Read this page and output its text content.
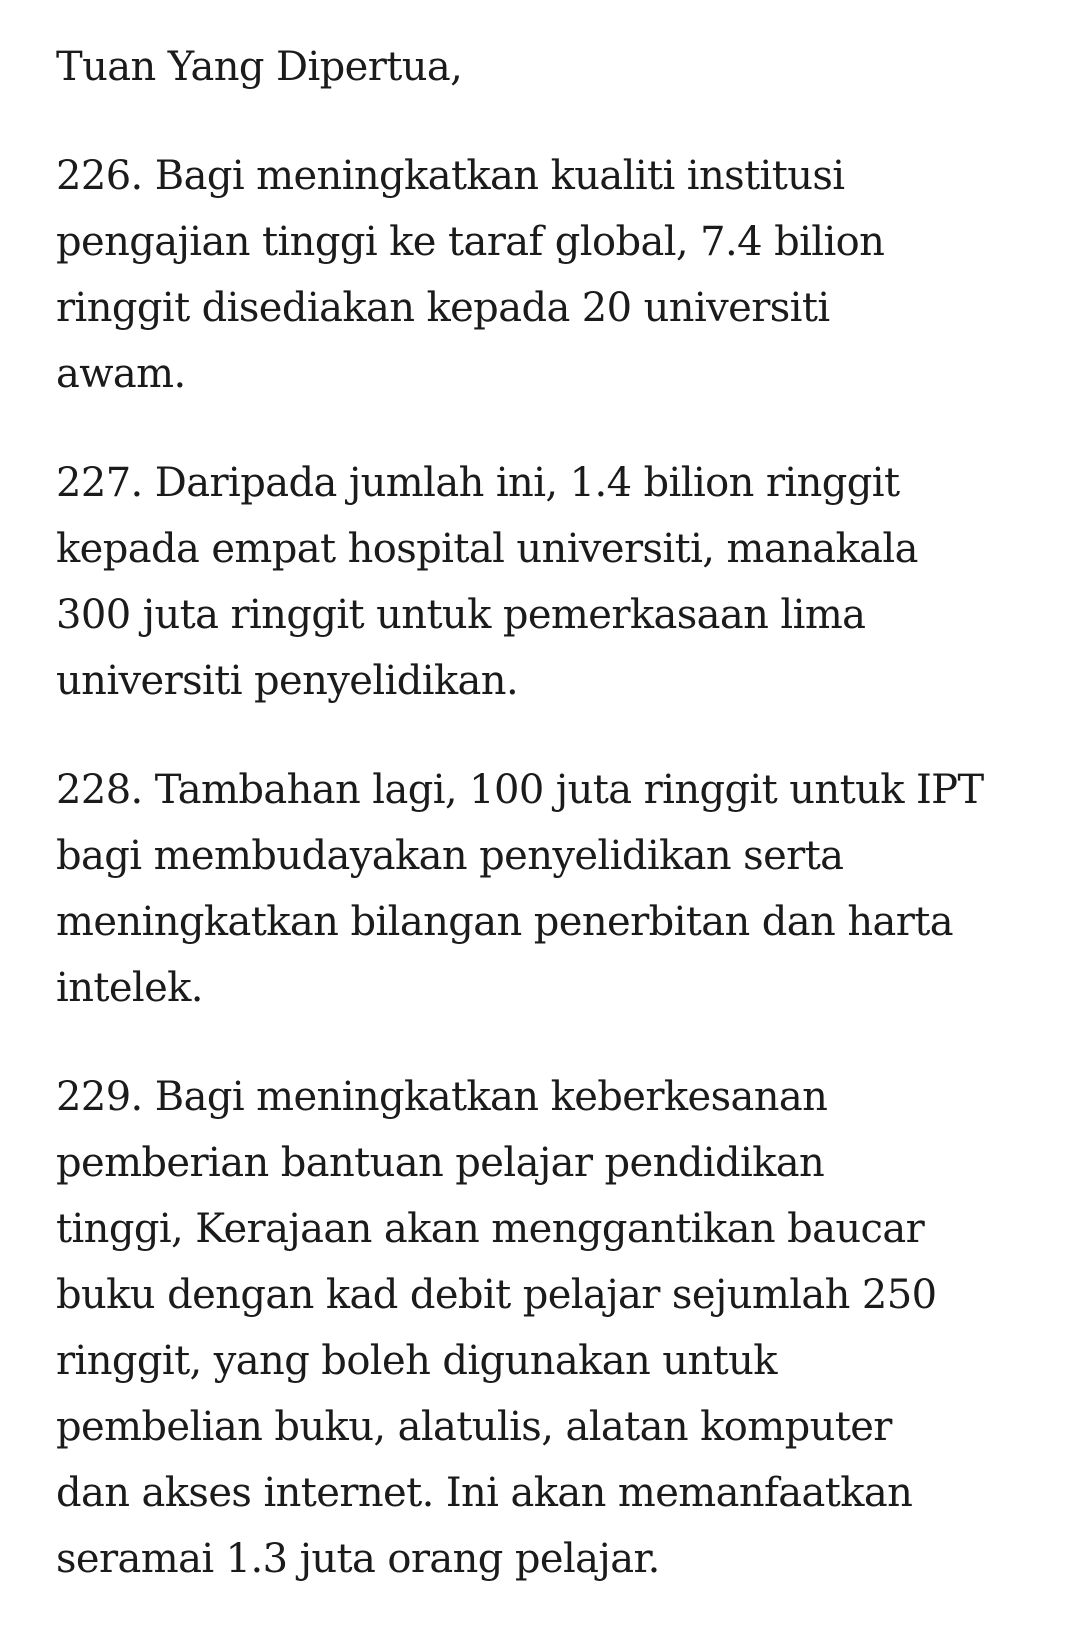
Tuan Yang Dipertua,

226. Bagi meningkatkan kualiti institusi
pengajian tinggi ke taraf global, 7.4 bilion
ringgit disediakan kepada 20 universiti
awam.

227. Daripada jumlah ini, 1.4 bilion ringgit
kepada empat hospital universiti, manakala
300 juta ringgit untuk pemerkasaan lima
universiti penyelidikan.

228. Tambahan lagi, 100 juta ringgit untuk IPT
bagi membudayakan penyelidikan serta
meningkatkan bilangan penerbitan dan harta
intelek.

229. Bagi meningkatkan keberkesanan
pemberian bantuan pelajar pendidikan
tinggi, Kerajaan akan menggantikan baucar
buku dengan kad debit pelajar sejumlah 250
ringgit, yang boleh digunakan untuk
pembelian buku, alatulis, alatan komputer
dan akses internet. Ini akan memanfaatkan
seramai 1.3 juta orang pelajar.
